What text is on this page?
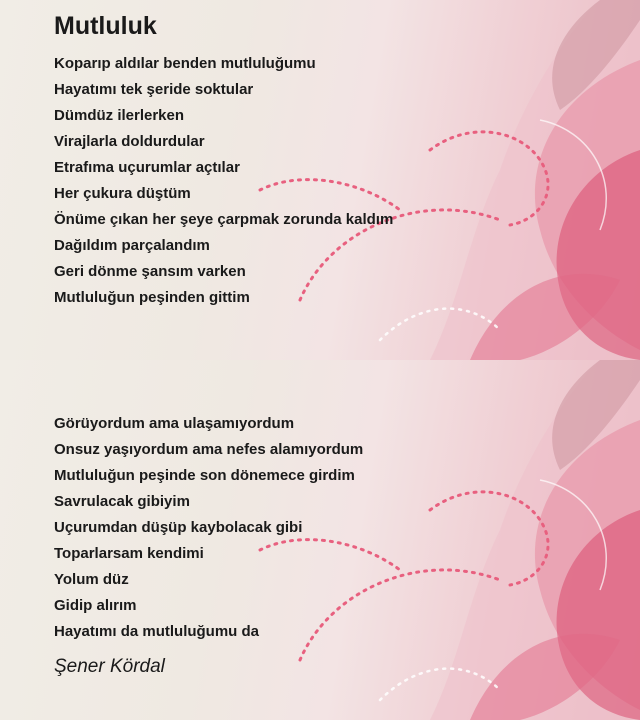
Mutluluk
Koparıp aldılar benden mutluluğumu
Hayatımı tek şeride soktular
Dümdüz ilerlerken
Virajlarla doldurdular
Etrafıma uçurumlar açtılar
Her çukura düştüm
Önüme çıkan her şeye çarpmak zorunda kaldım
Dağıldım parçalandım
Geri dönme şansım varken
Mutluluğun peşinden gittim
Görüyordum ama ulaşamıyordum
Onsuz yaşıyordum ama nefes alamıyordum
Mutluluğun peşinde son dönemece girdim
Savrulacak gibiyim
Uçurumdan düşüp kaybolacak gibi
Toparlarsam kendimi
Yolum düz
Gidip alırım
Hayatımı da mutluluğumu da
Şener Kördal
